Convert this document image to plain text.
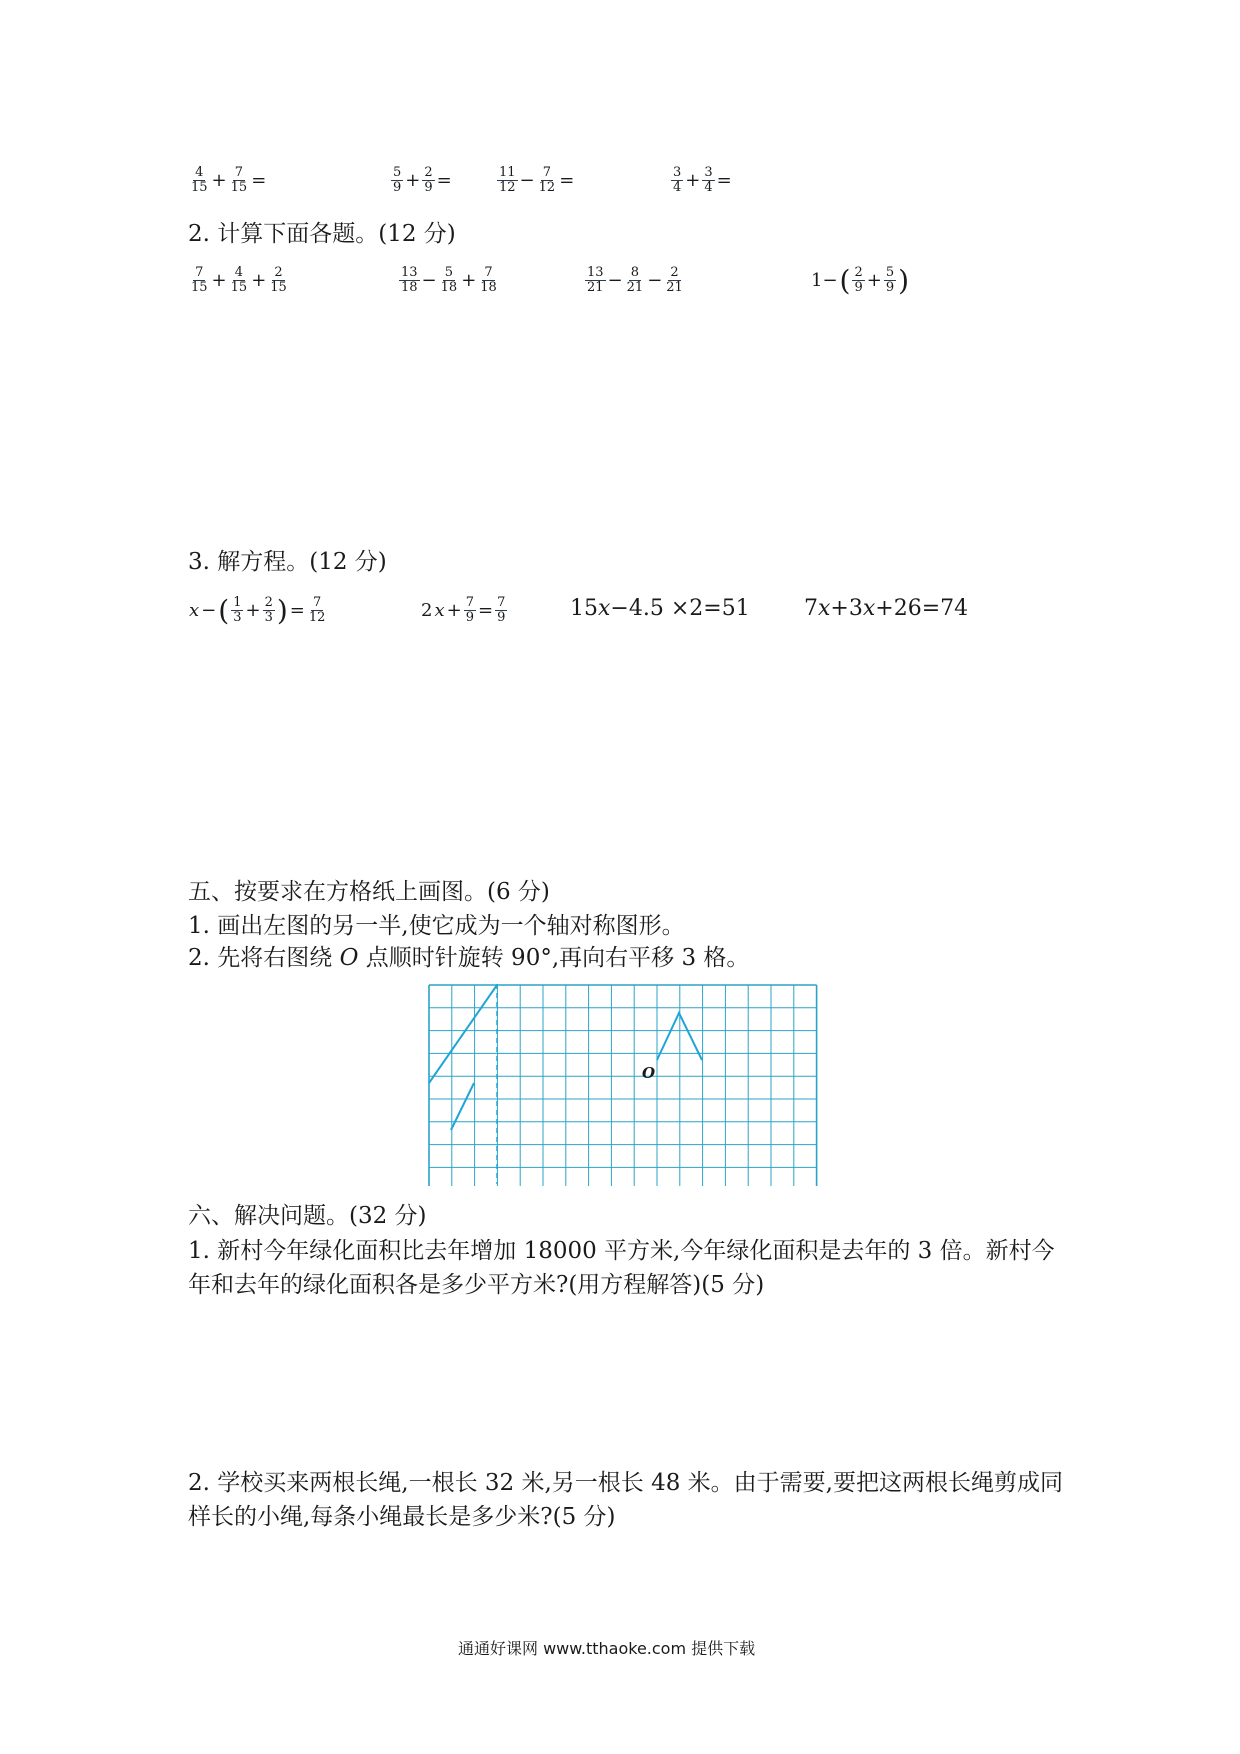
$\frac{4}{15} + \frac{7}{15}$ =	$\frac{5}{9} + \frac{2}{9}$ =	$\frac{11}{12} - \frac{7}{12}$ =	$\frac{3}{4} + \frac{3}{4}$ =
2. 计算下面各题。(12 分)
$\frac{7}{15} + \frac{4}{15} + \frac{2}{15}$	$\frac{13}{18} - \frac{5}{18} + \frac{7}{18}$	$\frac{13}{21} - \frac{8}{21} - \frac{2}{21}$	1− ( $\frac{2}{9} + \frac{5}{9}$ )
3. 解方程。(12 分)
x − ( $\frac{1}{3} + \frac{2}{3}$ ) = $\frac{7}{12}$	2 $x + \frac{7}{9} = \frac{7}{9}$	15 x −4.5 ×2=51 7 x +3 x +26=74
五、按要求在方格纸上画图。(6 分)
1. 画出左图的另一半,使它成为一个轴对称图形。
2. 先将右图绕 O 点顺时针旋转 90°,再向右平移 3 格。
O
六、解决问题。(32 分)
1. 新村今年绿化面积比去年增加 18000 平方米,今年绿化面积是去年的 3 倍。新村今年和去年的绿化面积各是多少平方米?(用方程解答)(5 分)
2. 学校买来两根长绳,一根长 32 米,另一根长 48 米。由于需要,要把这两根长绳剪成同样长的小绳,每条小绳最长是多少米?(5 分)
通通好课网 www.tthaoke.com 提供下载
